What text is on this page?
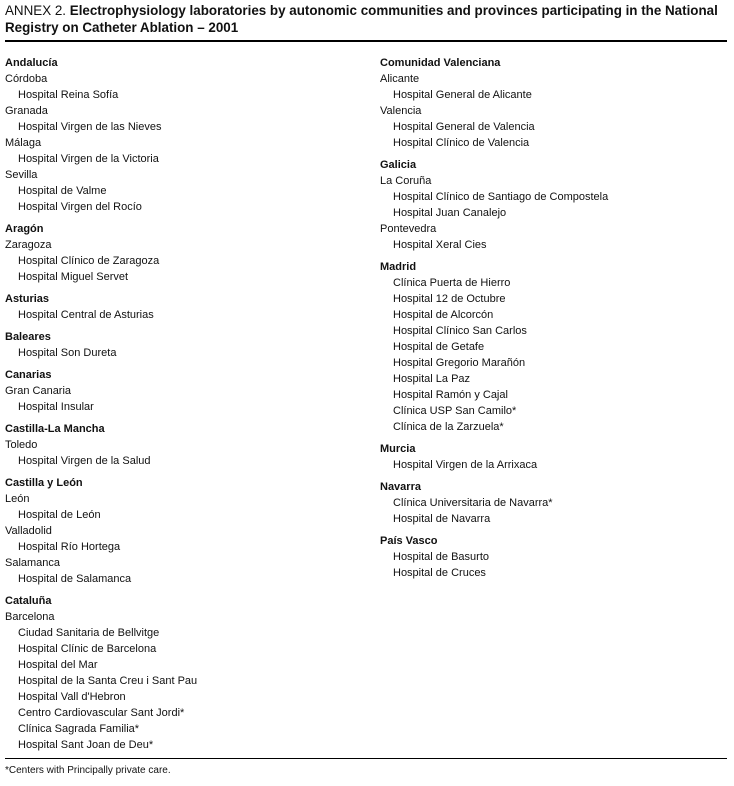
ANNEX 2. Electrophysiology laboratories by autonomic communities and provinces participating in the National Registry on Catheter Ablation – 2001
Andalucía
Córdoba
Hospital Reina Sofía
Granada
Hospital Virgen de las Nieves
Málaga
Hospital Virgen de la Victoria
Sevilla
Hospital de Valme
Hospital Virgen del Rocío
Aragón
Zaragoza
Hospital Clínico de Zaragoza
Hospital Miguel Servet
Asturias
Hospital Central de Asturias
Baleares
Hospital Son Dureta
Canarias
Gran Canaria
Hospital Insular
Castilla-La Mancha
Toledo
Hospital Virgen de la Salud
Castilla y León
León
Hospital de León
Valladolid
Hospital Río Hortega
Salamanca
Hospital de Salamanca
Cataluña
Barcelona
Ciudad Sanitaria de Bellvitge
Hospital Clínic de Barcelona
Hospital del Mar
Hospital de la Santa Creu i Sant Pau
Hospital Vall d'Hebron
Centro Cardiovascular Sant Jordi*
Clínica Sagrada Familia*
Hospital Sant Joan de Deu*
Comunidad Valenciana
Alicante
Hospital General de Alicante
Valencia
Hospital General de Valencia
Hospital Clínico de Valencia
Galicia
La Coruña
Hospital Clínico de Santiago de Compostela
Hospital Juan Canalejo
Pontevedra
Hospital Xeral Cies
Madrid
Clínica Puerta de Hierro
Hospital 12 de Octubre
Hospital de Alcorcón
Hospital Clínico San Carlos
Hospital de Getafe
Hospital Gregorio Marañón
Hospital La Paz
Hospital Ramón y Cajal
Clínica USP San Camilo*
Clínica de la Zarzuela*
Murcia
Hospital Virgen de la Arrixaca
Navarra
Clínica Universitaria de Navarra*
Hospital de Navarra
País Vasco
Hospital de Basurto
Hospital de Cruces
*Centers with Principally private care.
